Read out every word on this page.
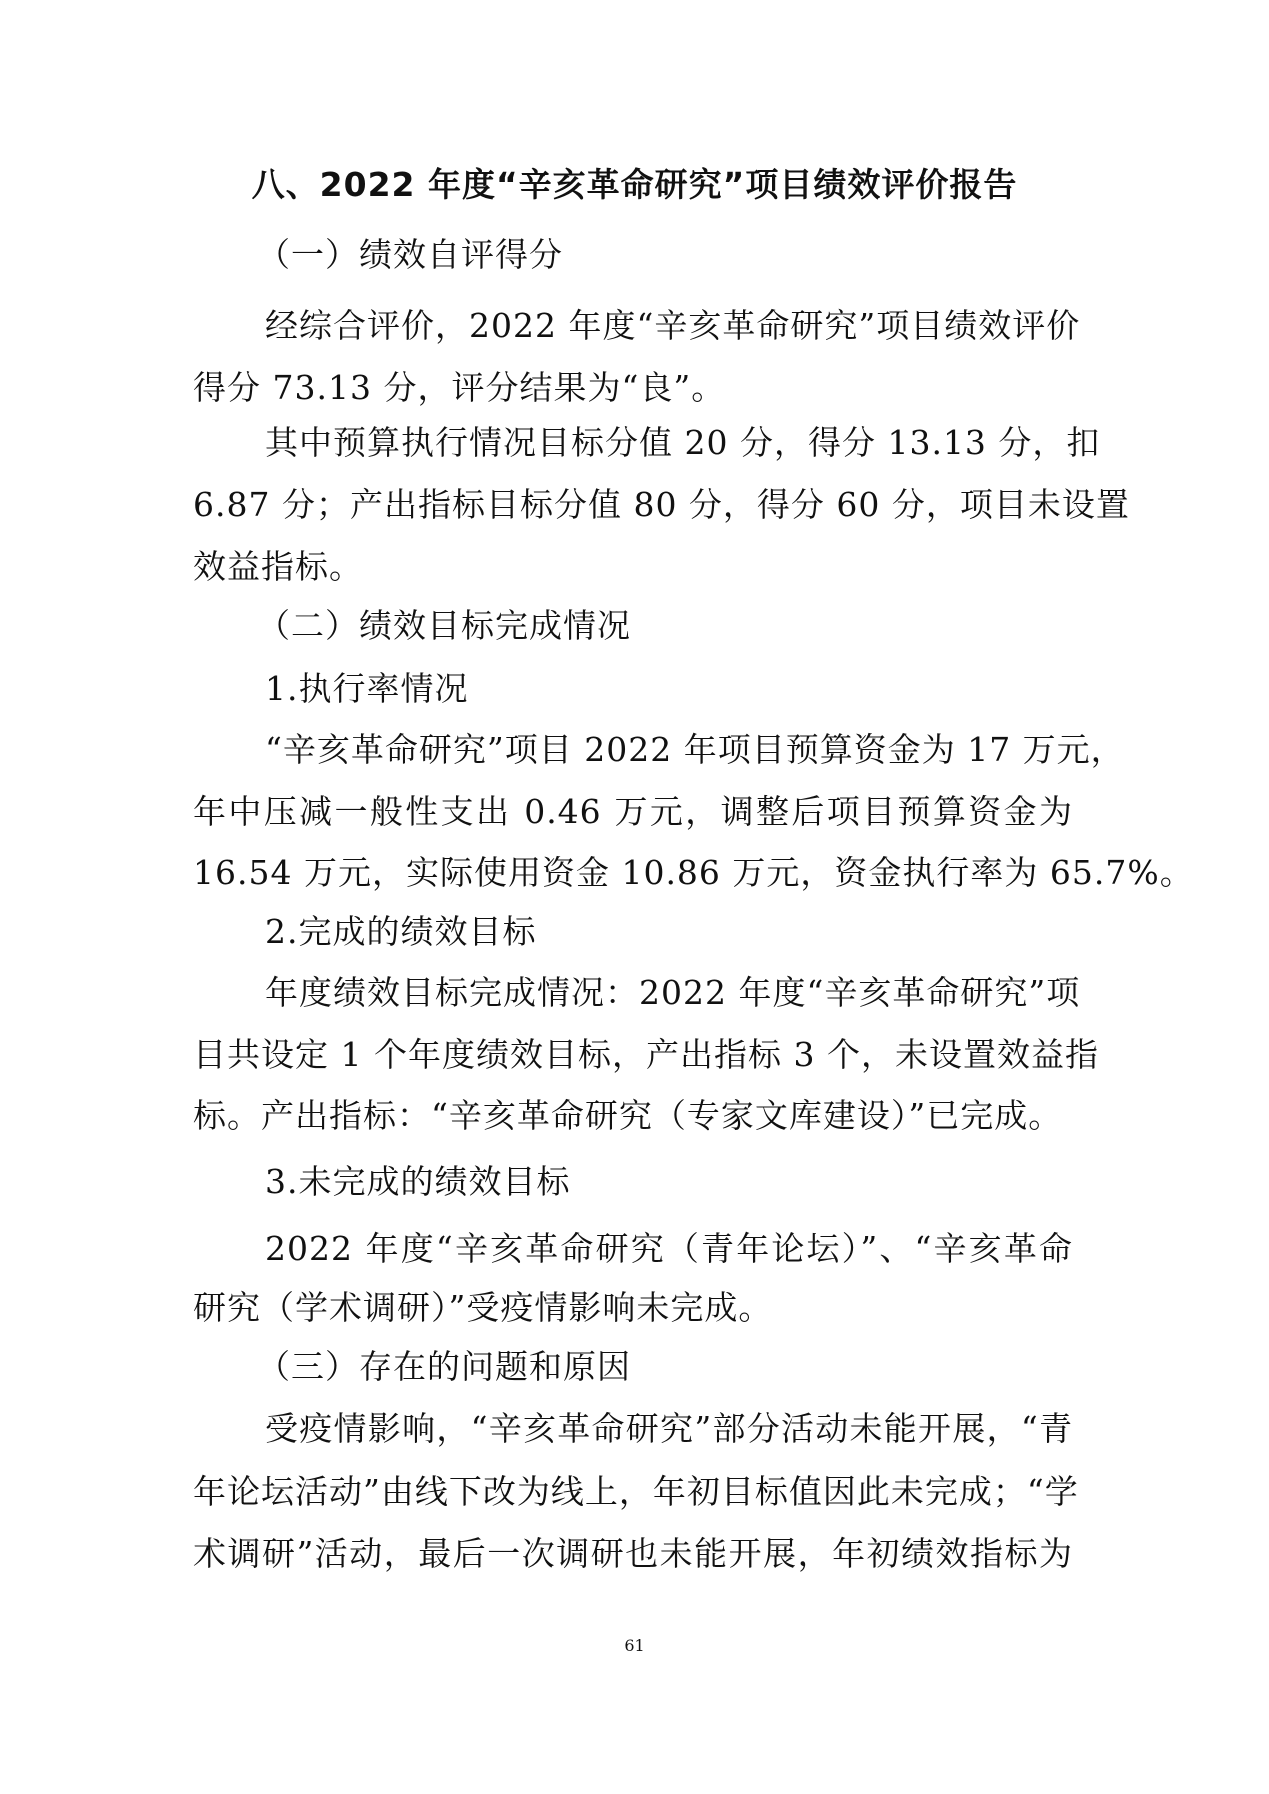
八、2022 年度“辛亥革命研究”项目绩效评价报告
（一）绩效自评得分
经综合评价，2022 年度“辛亥革命研究”项目绩效评价
得分 73.13 分，评分结果为“良”。
其中预算执行情况目标分值 20 分，得分 13.13 分，扣
6.87 分；产出指标目标分值 80 分，得分 60 分，项目未设置
效益指标。
（二）绩效目标完成情况
1.执行率情况
“辛亥革命研究”项目 2022 年项目预算资金为 17 万元，
年中压减一般性支出 0.46 万元，调整后项目预算资金为
16.54 万元，实际使用资金 10.86 万元，资金执行率为 65.7%。
2.完成的绩效目标
年度绩效目标完成情况：2022 年度“辛亥革命研究”项
目共设定 1 个年度绩效目标，产出指标 3 个，未设置效益指
标。产出指标：“辛亥革命研究（专家文库建设）”已完成。
3.未完成的绩效目标
2022 年度“辛亥革命研究（青年论坛）”、“辛亥革命
研究（学术调研）”受疫情影响未完成。
（三）存在的问题和原因
受疫情影响，“辛亥革命研究”部分活动未能开展，“青
年论坛活动”由线下改为线上，年初目标值因此未完成；“学
术调研”活动，最后一次调研也未能开展，年初绩效指标为
61
